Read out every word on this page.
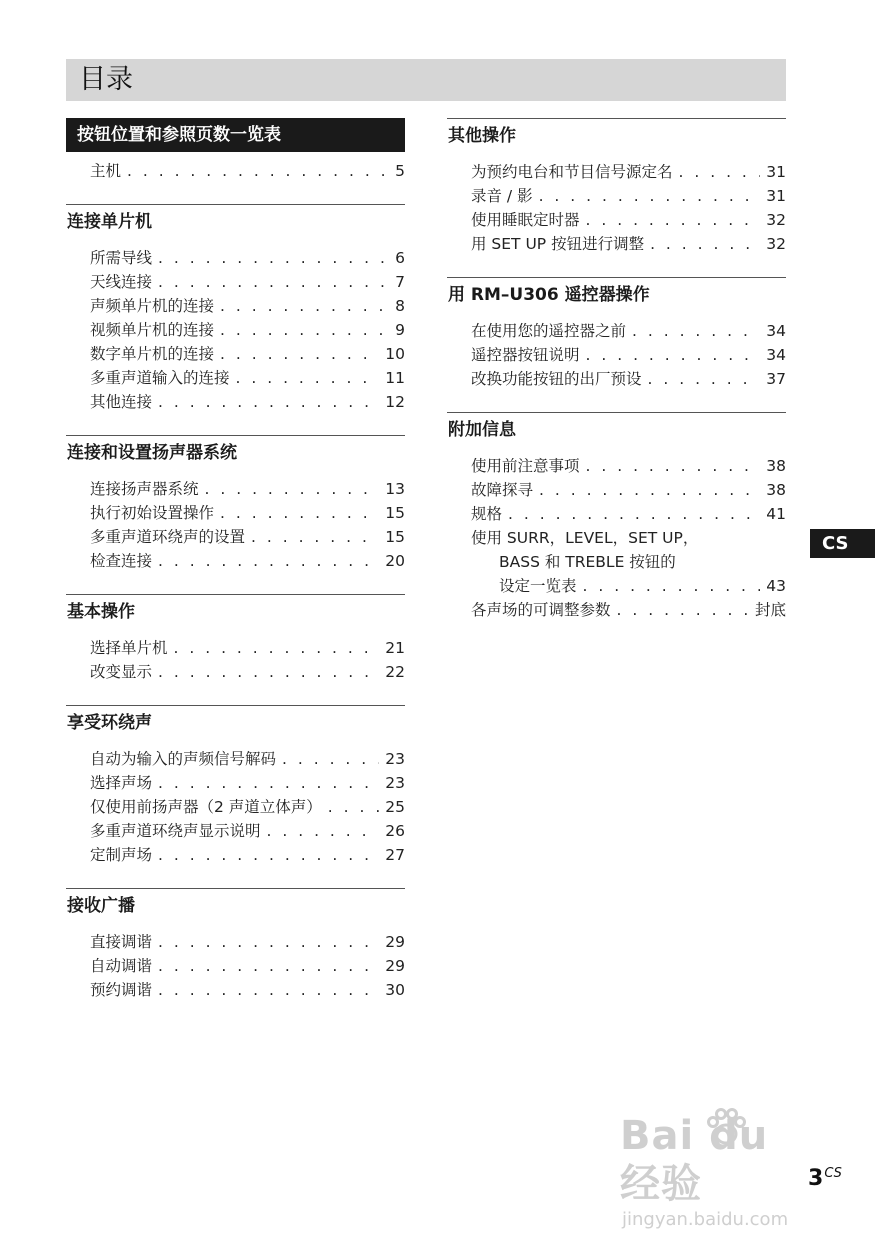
目录
按钮位置和参照页数一览表
主机 . . .	5
连接单片机
所需导线 . . .	6
天线连接 . . .	7
声频单片机的连接 . . .	8
视频单片机的连接 . . .	9
数字单片机的连接 . . .	10
多重声道输入的连接 . . .	11
其他连接 . . .	12
连接和设置扬声器系统
连接扬声器系统 . . .	13
执行初始设置操作 . . .	15
多重声道环绕声的设置 . . .	15
检查连接 . . .	20
基本操作
选择单片机 . . .	21
改变显示 . . .	22
享受环绕声
自动为输入的声频信号解码 . . .	23
选择声场 . . .	23
仅使用前扬声器（2 声道立体声） . . .	25
多重声道环绕声显示说明 . . .	26
定制声场 . . .	27
接收广播
直接调谐 . . .	29
自动调谐 . . .	29
预约调谐 . . .	30
其他操作
为预约电台和节目信号源定名 . . .	31
录音 / 影 . . .	31
使用睡眠定时器 . . .	32
用 SET UP 按钮进行调整 . . .	32
用 RM–U306 遥控器操作
在使用您的遥控器之前 . . .	34
遥控器按钮说明 . . .	34
改换功能按钮的出厂预设 . . .	37
附加信息
使用前注意事项 . . .	38
故障探寻 . . .	38
规格 . . .	41
使用 SURR，LEVEL，SET UP，
BASS 和 TREBLE 按钮的
设定一览表 . . .	43
各声场的可调整参数 . . .	封底
CS
$3^{CS}$
Bai du 经验
jingyan.baidu.com
